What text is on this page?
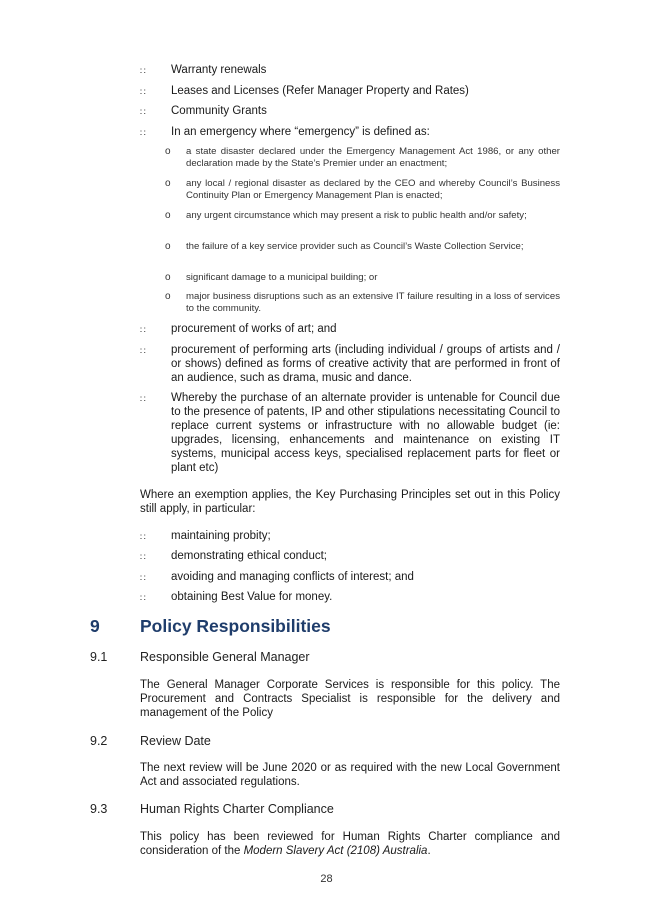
∷ Warranty renewals
∷ Leases and Licenses (Refer Manager Property and Rates)
∷ Community Grants
∷ In an emergency where “emergency” is defined as:
o a state disaster declared under the Emergency Management Act 1986, or any other declaration made by the State’s Premier under an enactment;
o any local / regional disaster as declared by the CEO and whereby Council’s Business Continuity Plan or Emergency Management Plan is enacted;
o any urgent circumstance which may present a risk to public health and/or safety;
o the failure of a key service provider such as Council’s Waste Collection Service;
o significant damage to a municipal building; or
o major business disruptions such as an extensive IT failure resulting in a loss of services to the community.
∷ procurement of works of art; and
∷ procurement of performing arts (including individual / groups of artists and / or shows) defined as forms of creative activity that are performed in front of an audience, such as drama, music and dance.
∷ Whereby the purchase of an alternate provider is untenable for Council due to the presence of patents, IP and other stipulations necessitating Council to replace current systems or infrastructure with no allowable budget (ie: upgrades, licensing, enhancements and maintenance on existing IT systems, municipal access keys, specialised replacement parts for fleet or plant etc)
Where an exemption applies, the Key Purchasing Principles set out in this Policy still apply, in particular:
∷ maintaining probity;
∷ demonstrating ethical conduct;
∷ avoiding and managing conflicts of interest; and
∷ obtaining Best Value for money.
9 Policy Responsibilities
9.1	Responsible General Manager
The General Manager Corporate Services is responsible for this policy. The Procurement and Contracts Specialist is responsible for the delivery and management of the Policy
9.2	Review Date
The next review will be June 2020 or as required with the new Local Government Act and associated regulations.
9.3	Human Rights Charter Compliance
This policy has been reviewed for Human Rights Charter compliance and consideration of the Modern Slavery Act (2108) Australia.
28
